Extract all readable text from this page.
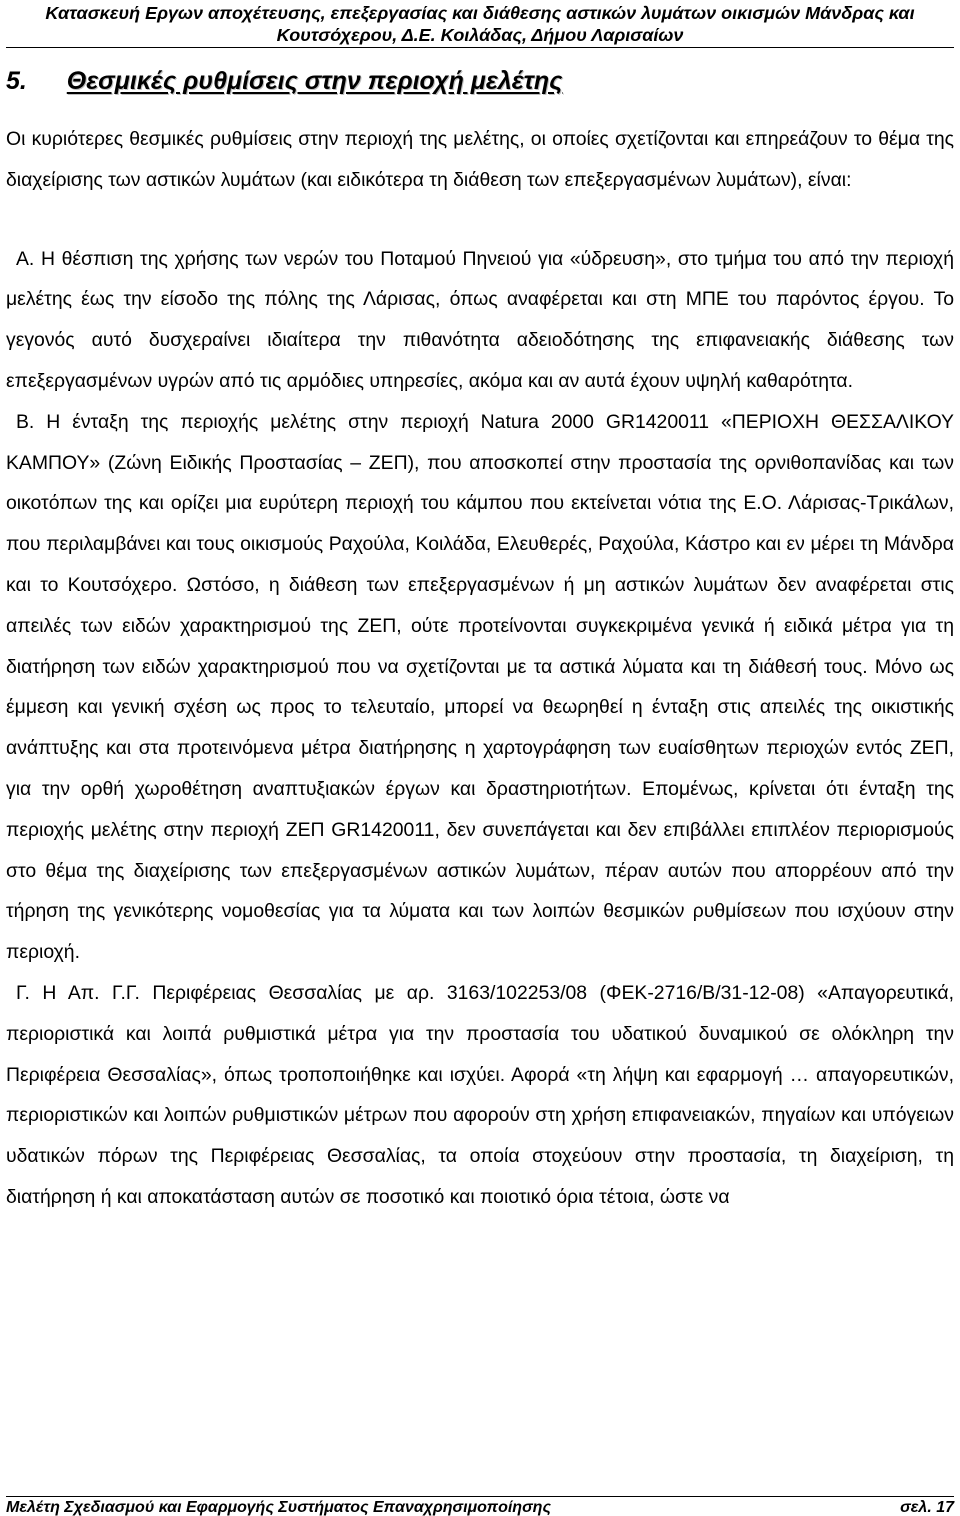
Κατασκευή Εργων αποχέτευσης, επεξεργασίας και διάθεσης αστικών λυμάτων οικισμών Μάνδρας και
Κουτσόχερου, Δ.Ε. Κοιλάδας, Δήμου Λαρισαίων
5. Θεσμικές ρυθμίσεις στην περιοχή μελέτης

Οι κυριότερες θεσμικές ρυθμίσεις στην περιοχή της μελέτης, οι οποίες σχετίζονται και επηρεάζουν το θέμα της διαχείρισης των αστικών λυμάτων (και ειδικότερα τη διάθεση των επεξεργασμένων λυμάτων), είναι:

Α. Η θέσπιση της χρήσης των νερών του Ποταμού Πηνειού για «ύδρευση», στο τμήμα του από την περιοχή μελέτης έως την είσοδο της πόλης της Λάρισας, όπως αναφέρεται και στη ΜΠΕ του παρόντος έργου. Το γεγονός αυτό δυσχεραίνει ιδιαίτερα την πιθανότητα αδειοδότησης της επιφανειακής διάθεσης των επεξεργασμένων υγρών από τις αρμόδιες υπηρεσίες, ακόμα και αν αυτά έχουν υψηλή καθαρότητα.

Β. Η ένταξη της περιοχής μελέτης στην περιοχή Natura 2000 GR1420011 «ΠΕΡΙΟΧΗ ΘΕΣΣΑΛΙΚΟΥ ΚΑΜΠΟΥ» (Ζώνη Ειδικής Προστασίας – ΖΕΠ), που αποσκοπεί στην προστασία της ορνιθοπανίδας και των οικοτόπων της και ορίζει μια ευρύτερη περιοχή του κάμπου που εκτείνεται νότια της Ε.Ο. Λάρισας-Τρικάλων, που περιλαμβάνει και τους οικισμούς Ραχούλα, Κοιλάδα, Ελευθερές, Ραχούλα, Κάστρο και εν μέρει τη Μάνδρα και το Κουτσόχερο. Ωστόσο, η διάθεση των επεξεργασμένων ή μη αστικών λυμάτων δεν αναφέρεται στις απειλές των ειδών χαρακτηρισμού της ΖΕΠ, ούτε προτείνονται συγκεκριμένα γενικά ή ειδικά μέτρα για τη διατήρηση των ειδών χαρακτηρισμού που να σχετίζονται με τα αστικά λύματα και τη διάθεσή τους. Μόνο ως έμμεση και γενική σχέση ως προς το τελευταίο, μπορεί να θεωρηθεί η ένταξη στις απειλές της οικιστικής ανάπτυξης και στα προτεινόμενα μέτρα διατήρησης η χαρτογράφηση των ευαίσθητων περιοχών εντός ΖΕΠ, για την ορθή χωροθέτηση αναπτυξιακών έργων και δραστηριοτήτων. Επομένως, κρίνεται ότι ένταξη της περιοχής μελέτης στην περιοχή ΖΕΠ GR1420011, δεν συνεπάγεται και δεν επιβάλλει επιπλέον περιορισμούς στο θέμα της διαχείρισης των επεξεργασμένων αστικών λυμάτων, πέραν αυτών που απορρέουν από την τήρηση της γενικότερης νομοθεσίας για τα λύματα και των λοιπών θεσμικών ρυθμίσεων που ισχύουν στην περιοχή.

Γ. Η Απ. Γ.Γ. Περιφέρειας Θεσσαλίας με αρ. 3163/102253/08 (ΦΕΚ-2716/Β/31-12-08) «Απαγορευτικά, περιοριστικά και λοιπά ρυθμιστικά μέτρα για την προστασία του υδατικού δυναμικού σε ολόκληρη την Περιφέρεια Θεσσαλίας», όπως τροποποιήθηκε και ισχύει. Αφορά «τη λήψη και εφαρμογή … απαγορευτικών, περιοριστικών και λοιπών ρυθμιστικών μέτρων που αφορούν στη χρήση επιφανειακών, πηγαίων και υπόγειων υδατικών πόρων της Περιφέρειας Θεσσαλίας, τα οποία στοχεύουν στην προστασία, τη διαχείριση, τη διατήρηση ή και αποκατάσταση αυτών σε ποσοτικό και ποιοτικό όρια τέτοια, ώστε να

Μελέτη Σχεδιασμού και Εφαρμογής Συστήματος Επαναχρησιμοποίησης	σελ. 17
